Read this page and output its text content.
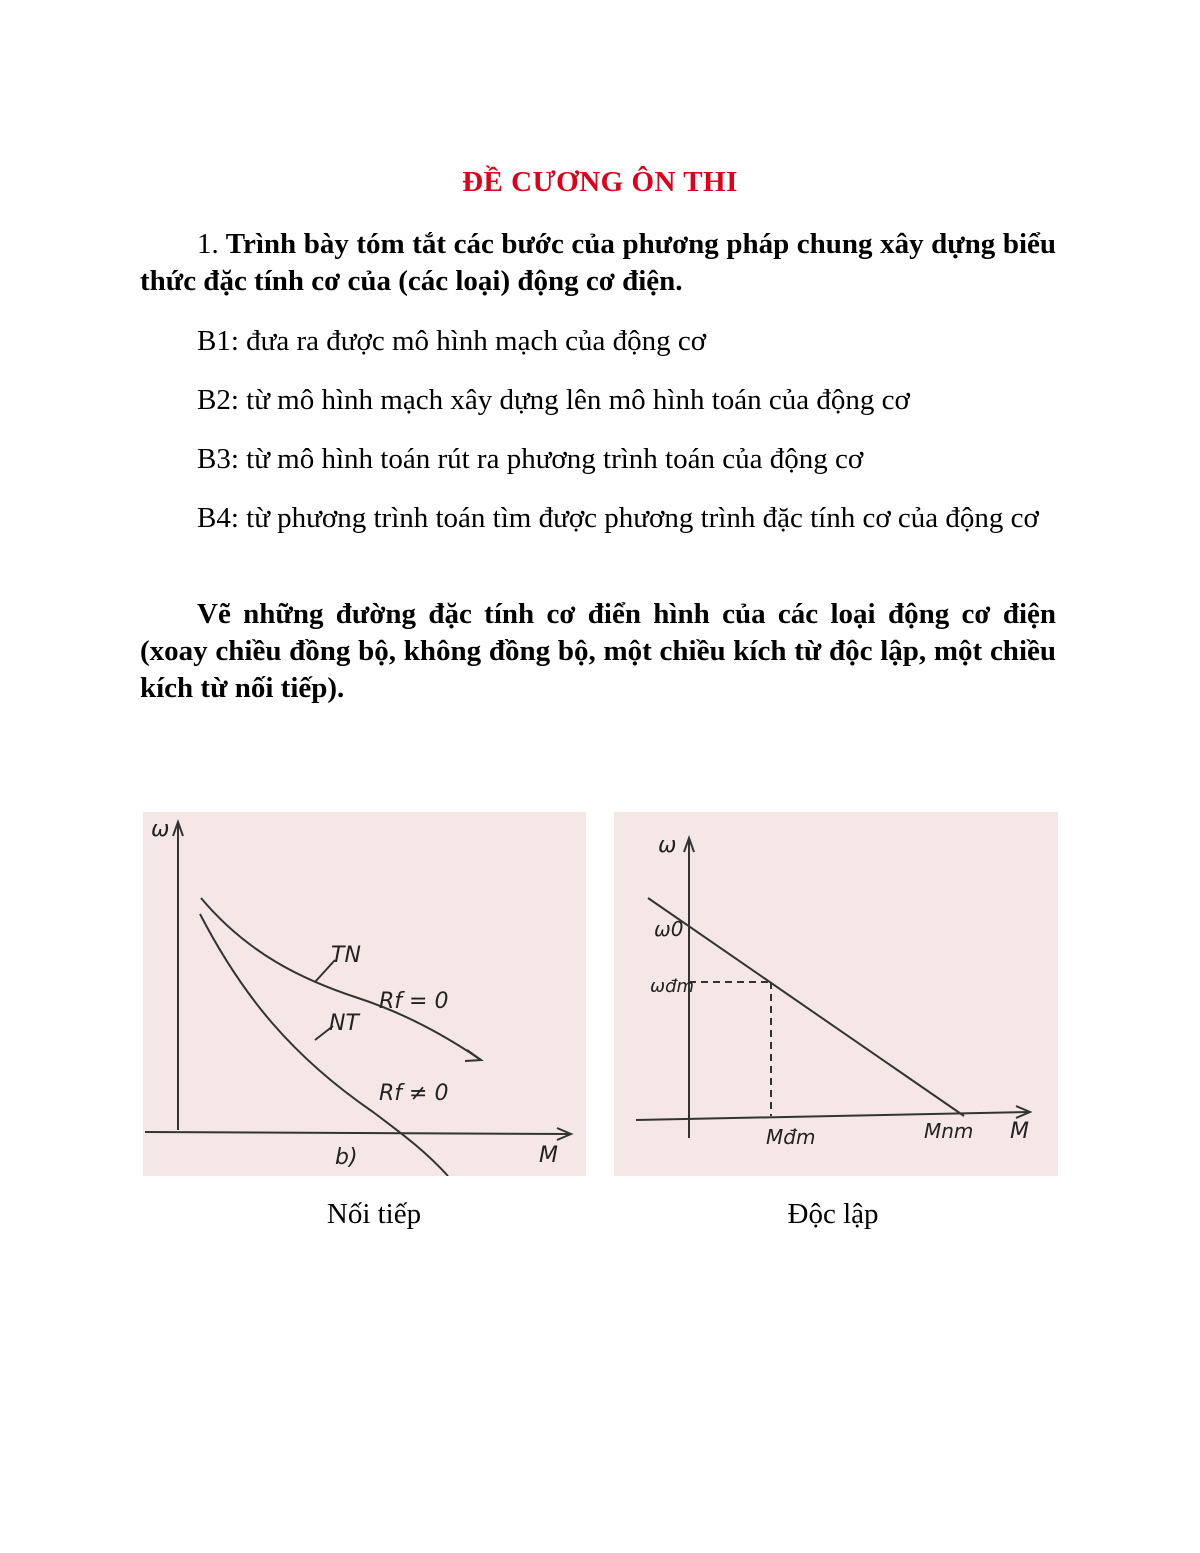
ĐỀ CƯƠNG ÔN THI

1. Trình bày tóm tắt các bước của phương pháp chung xây dựng biểu thức đặc tính cơ của (các loại) động cơ điện.

B1: đưa ra được mô hình mạch của động cơ

B2: từ mô hình mạch xây dựng lên mô hình toán của động cơ

B3: từ mô hình toán rút ra phương trình toán của động cơ

B4: từ phương trình toán tìm được phương trình đặc tính cơ của động cơ

Vẽ những đường đặc tính cơ điển hình của các loại động cơ điện (xoay chiều đồng bộ, không đồng bộ, một chiều kích từ độc lập, một chiều kích từ nối tiếp).

ω
M
TN
Rf = 0
NT
Rf ≠ 0
b)
ω
M
ω0
ωđm
Mđm	Mnm
Nối tiếp	Độc lập
